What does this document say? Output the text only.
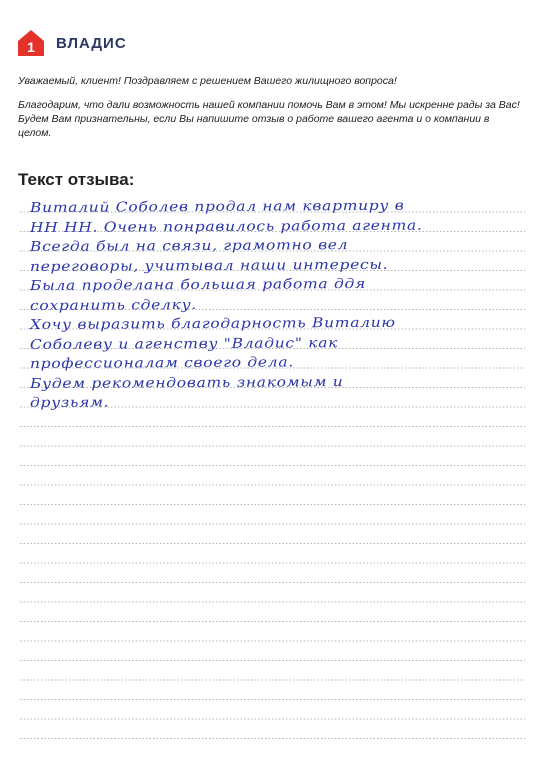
1 ВЛАДИС
Уважаемый, клиент! Поздравляем с решением Вашего жилищного вопроса!
Благодарим, что дали возможность нашей компании помочь Вам в этом! Мы искренне рады за Вас! Будем Вам признательны, если Вы напишите отзыв о работе вашего агента и о компании в целом.
Текст отзыва:
Виталий Соболев продал нам квартиру в
НН НН. Очень понравилось работа агента.
Всегда был на связи, грамотно вел
переговоры, учитывал наши интересы.
Была проделана большая работа ддя
сохранить сделку.
Хочу выразить благодарность Виталию
Соболеву и агенству "Владис" как
профессионалам своего дела.
Будем рекомендовать знакомым и
друзьям.
